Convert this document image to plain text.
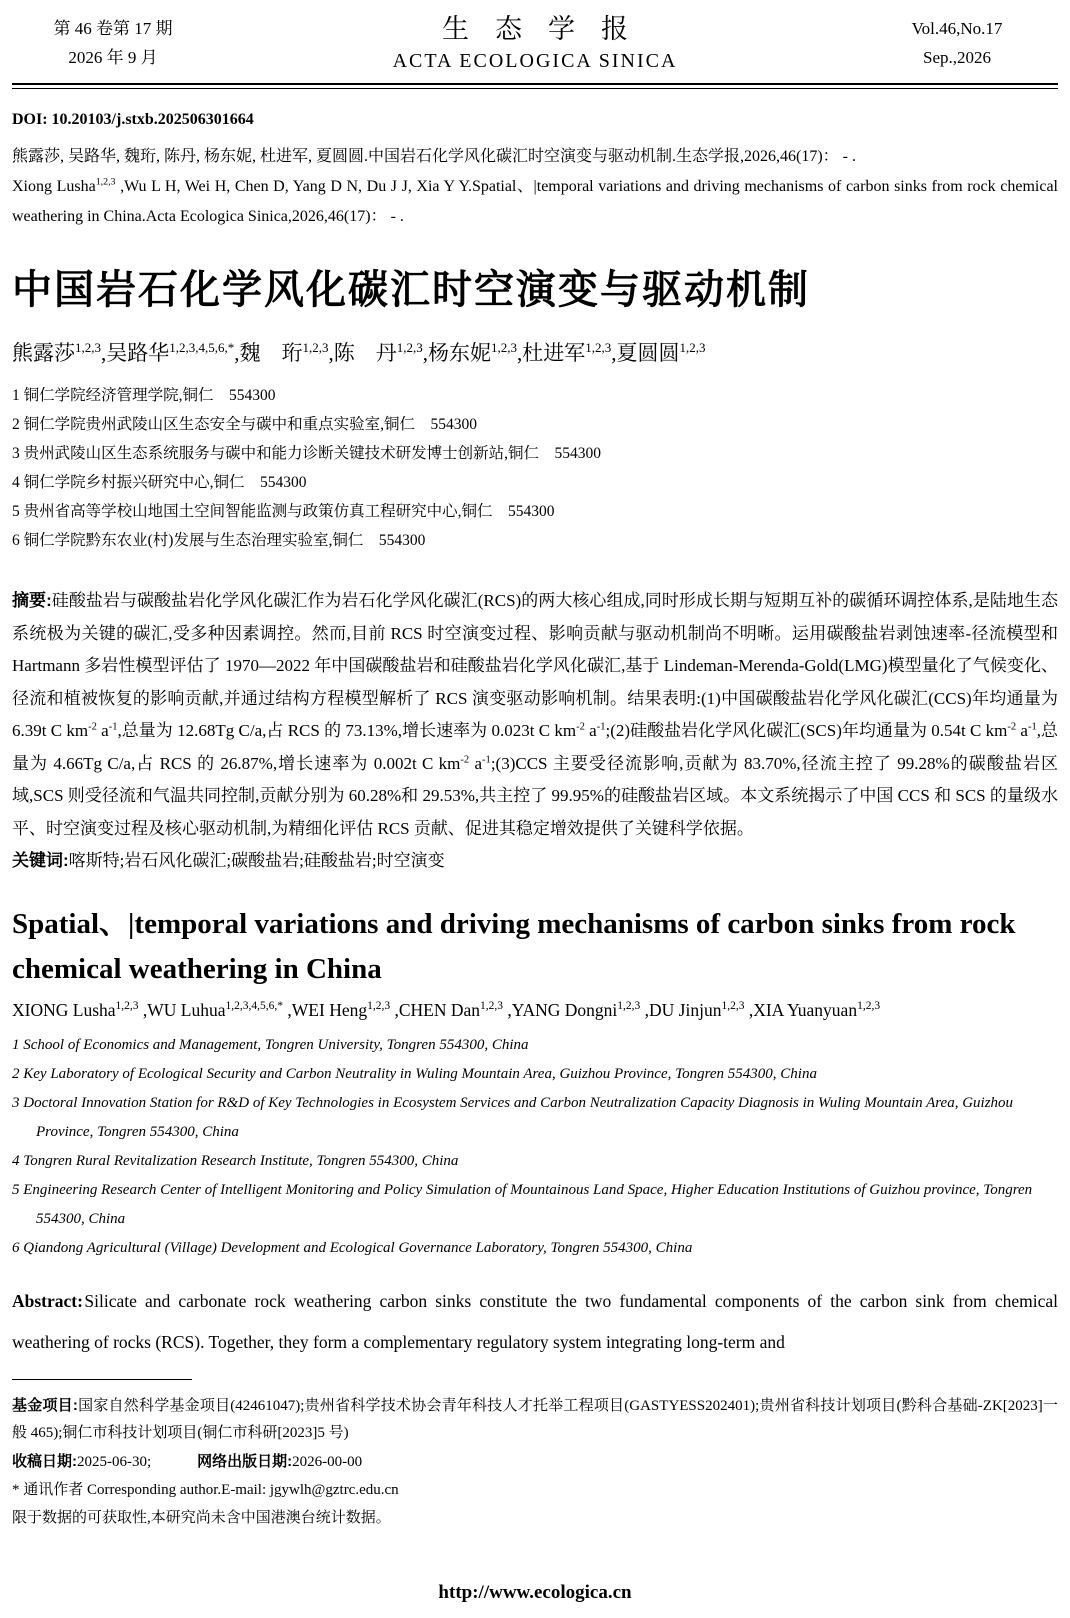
第 46 卷第 17 期
2026 年 9 月
生态学报
ACTA ECOLOGICA SINICA
Vol.46,No.17
Sep.,2026
DOI: 10.20103/j.stxb.202506301664
熊露莎, 吴路华, 魏珩, 陈丹, 杨东妮, 杜进军, 夏圆圆.中国岩石化学风化碳汇时空演变与驱动机制.生态学报,2026,46(17)： - .
Xiong Lusha$^{1,2,3}$ ,Wu L H, Wei H, Chen D, Yang D N, Du J J, Xia Y Y.Spatial、|temporal variations and driving mechanisms of carbon sinks from rock chemical weathering in China.Acta Ecologica Sinica,2026,46(17)： - .
中国岩石化学风化碳汇时空演变与驱动机制
熊露莎$^{1,2,3}$,吴路华$^{1,2,3,4,5,6,*}$,魏　珩$^{1,2,3}$,陈　丹$^{1,2,3}$,杨东妮$^{1,2,3}$,杜进军$^{1,2,3}$,夏圆圆$^{1,2,3}$
1 铜仁学院经济管理学院,铜仁　554300
2 铜仁学院贵州武陵山区生态安全与碳中和重点实验室,铜仁　554300
3 贵州武陵山区生态系统服务与碳中和能力诊断关键技术研发博士创新站,铜仁　554300
4 铜仁学院乡村振兴研究中心,铜仁　554300
5 贵州省高等学校山地国土空间智能监测与政策仿真工程研究中心,铜仁　554300
6 铜仁学院黔东农业(村)发展与生态治理实验室,铜仁　554300
摘要:硅酸盐岩与碳酸盐岩化学风化碳汇作为岩石化学风化碳汇(RCS)的两大核心组成,同时形成长期与短期互补的碳循环调控体系,是陆地生态系统极为关键的碳汇,受多种因素调控。然而,目前 RCS 时空演变过程、影响贡献与驱动机制尚不明晰。运用碳酸盐岩剥蚀速率-径流模型和 Hartmann 多岩性模型评估了 1970—2022 年中国碳酸盐岩和硅酸盐岩化学风化碳汇,基于 Lindeman-Merenda-Gold(LMG)模型量化了气候变化、径流和植被恢复的影响贡献,并通过结构方程模型解析了 RCS 演变驱动影响机制。结果表明:(1)中国碳酸盐岩化学风化碳汇(CCS)年均通量为 6.39t C $km^{-2}$ $a^{-1}$,总量为 12.68Tg C/a,占 RCS 的 73.13%,增长速率为 0.023t C $km^{-2}$ $a^{-1};(2)$硅酸盐岩化学风化碳汇(SCS)年均通量为 0.54t C $km^{-2}$ $a^{-1}$,总量为 4.66Tg C/a,占 RCS 的 26.87%,增长速率为 0.002t C $km^{-2}$ $a^{-1};(3)CCS$ 主要受径流影响,贡献为 83.70%,径流主控了 99.28%的碳酸盐岩区域,SCS 则受径流和气温共同控制,贡献分别为 60.28%和 29.53%,共主控了 99.95%的硅酸盐岩区域。本文系统揭示了中国 CCS 和 SCS 的量级水平、时空演变过程及核心驱动机制,为精细化评估 RCS 贡献、促进其稳定增效提供了关键科学依据。
关键词:喀斯特;岩石风化碳汇;碳酸盐岩;硅酸盐岩;时空演变
Spatial、|temporal variations and driving mechanisms of carbon sinks from rock chemical weathering in China
XIONG Lusha$^{1,2,3}$ ,WU Luhua$^{1,2,3,4,5,6,*}$ ,WEI Heng$^{1,2,3}$ ,CHEN Dan$^{1,2,3}$ ,YANG Dongni$^{1,2,3}$ ,DU Jinjun$^{1,2,3}$ ,XIA Yuanyuan$^{1,2,3}$
1 School of Economics and Management, Tongren University, Tongren 554300, China
2 Key Laboratory of Ecological Security and Carbon Neutrality in Wuling Mountain Area, Guizhou Province, Tongren 554300, China
3 Doctoral Innovation Station for R&D of Key Technologies in Ecosystem Services and Carbon Neutralization Capacity Diagnosis in Wuling Mountain Area, Guizhou Province, Tongren 554300, China
4 Tongren Rural Revitalization Research Institute, Tongren 554300, China
5 Engineering Research Center of Intelligent Monitoring and Policy Simulation of Mountainous Land Space, Higher Education Institutions of Guizhou province, Tongren 554300, China
6 Qiandong Agricultural (Village) Development and Ecological Governance Laboratory, Tongren 554300, China
Abstract: Silicate and carbonate rock weathering carbon sinks constitute the two fundamental components of the carbon sink from chemical weathering of rocks (RCS). Together, they form a complementary regulatory system integrating long-term and
基金项目:国家自然科学基金项目(42461047);贵州省科学技术协会青年科技人才托举工程项目(GASTYESS202401);贵州省科技计划项目(黔科合基础-ZK[2023]一般 465);铜仁市科技计划项目(铜仁市科研[2023]5 号)
收稿日期:2025-06-30;	网络出版日期:2026-00-00
* 通讯作者 Corresponding author.E-mail: jgywlh@gztrc.edu.cn
限于数据的可获取性,本研究尚未含中国港澳台统计数据。
http://www.ecologica.cn
